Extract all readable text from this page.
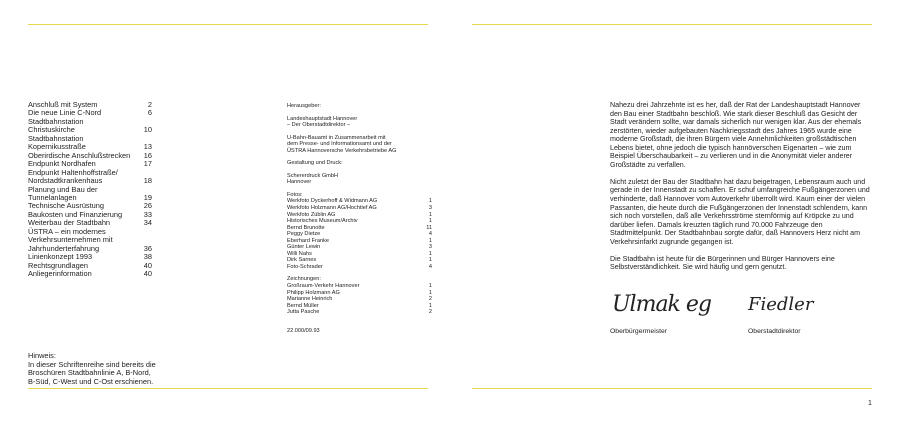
Anschluß mit System	2
Die neue Linie C-Nord	6
Stadtbahnstation
Christuskirche	10
Stadtbahnstation
Kopernikusstraße	13
Oberirdische Anschlußstrecken	16
Endpunkt Nordhafen	17
Endpunkt Haltenhoffstraße/
Nordstadtkrankenhaus	18
Planung und Bau der
Tunnelanlagen	19
Technische Ausrüstung	26
Baukosten und Finanzierung	33
Weiterbau der Stadtbahn	34
ÜSTRA – ein modernes
Verkehrsunternehmen mit
Jahrhunderterfahrung	36
Linienkonzept 1993	38
Rechtsgrundlagen	40
Anliegerinformation	40
Hinweis:
In dieser Schriftenreihe sind bereits die
Broschüren Stadtbahnlinie A, B-Nord,
B-Süd, C-West und C-Ost erschienen.
Herausgeber:
Landeshauptstadt Hannover
– Der Oberstadtdirektor –
U-Bahn-Bauamt in Zusammenarbeit mit
dem Presse- und Informationsamt und der
ÜSTRA Hannoversche Verkehrsbetriebe AG
Gestaltung und Druck:
Schererdruck GmbH
Hannover
Fotos:
Werkfoto Dyckerhoff & Widmann AG	1
Werkfoto Holzmann AG/Hochtief AG	3
Werkfoto Züblin AG	1
Historisches Museum/Archiv	1
Bernd Brunotte	11
Peggy Dietze	4
Eberhard Franke	1
Günter Lewin	3
Willi Nahs	1
Dirk Sarnes	1
Foto-Schrader	4
Zeichnungen:
Großraum-Verkehr Hannover	1
Philipp Holzmann AG	1
Marianne Heinrich	2
Bernd Müller	1
Jutta Pasche	2
22.000/09.93

Nahezu drei Jahrzehnte ist es her, daß der Rat der Landeshauptstadt Hannover den Bau einer Stadtbahn beschloß. Wie stark dieser Beschluß das Gesicht der Stadt verändern sollte, war damals sicherlich nur wenigen klar. Aus der ehemals zerstörten, wieder aufgebauten Nachkriegsstadt des Jahres 1965 wurde eine moderne Großstadt, die ihren Bürgern viele Annehmlichkeiten großstädtischen Lebens bietet, ohne jedoch die typisch hannöverschen Eigenarten – wie zum Beispiel Überschaubarkeit – zu verlieren und in die Anonymität vieler anderer Großstädte zu verfallen.

Nicht zuletzt der Bau der Stadtbahn hat dazu beigetragen, Lebensraum auch und gerade in der Innenstadt zu schaffen. Er schuf umfangreiche Fußgängerzonen und verhinderte, daß Hannover vom Autoverkehr überrollt wird. Kaum einer der vielen Passanten, die heute durch die Fußgängerzonen der Innenstadt schlendern, kann sich noch vorstellen, daß alle Verkehrsströme sternförmig auf Kröpcke zu und darüber liefen. Damals kreuzten täglich rund 70.000 Fahrzeuge den Stadtmittelpunkt. Der Stadtbahnbau sorgte dafür, daß Hannovers Herz nicht am Verkehrsinfarkt zugrunde gegangen ist.

Die Stadtbahn ist heute für die Bürgerinnen und Bürger Hannovers eine Selbstverständlichkeit. Sie wird häufig und gern genutzt.

Ulmak eg Fiedler
Oberbürgermeister	Oberstadtdirektor
1
